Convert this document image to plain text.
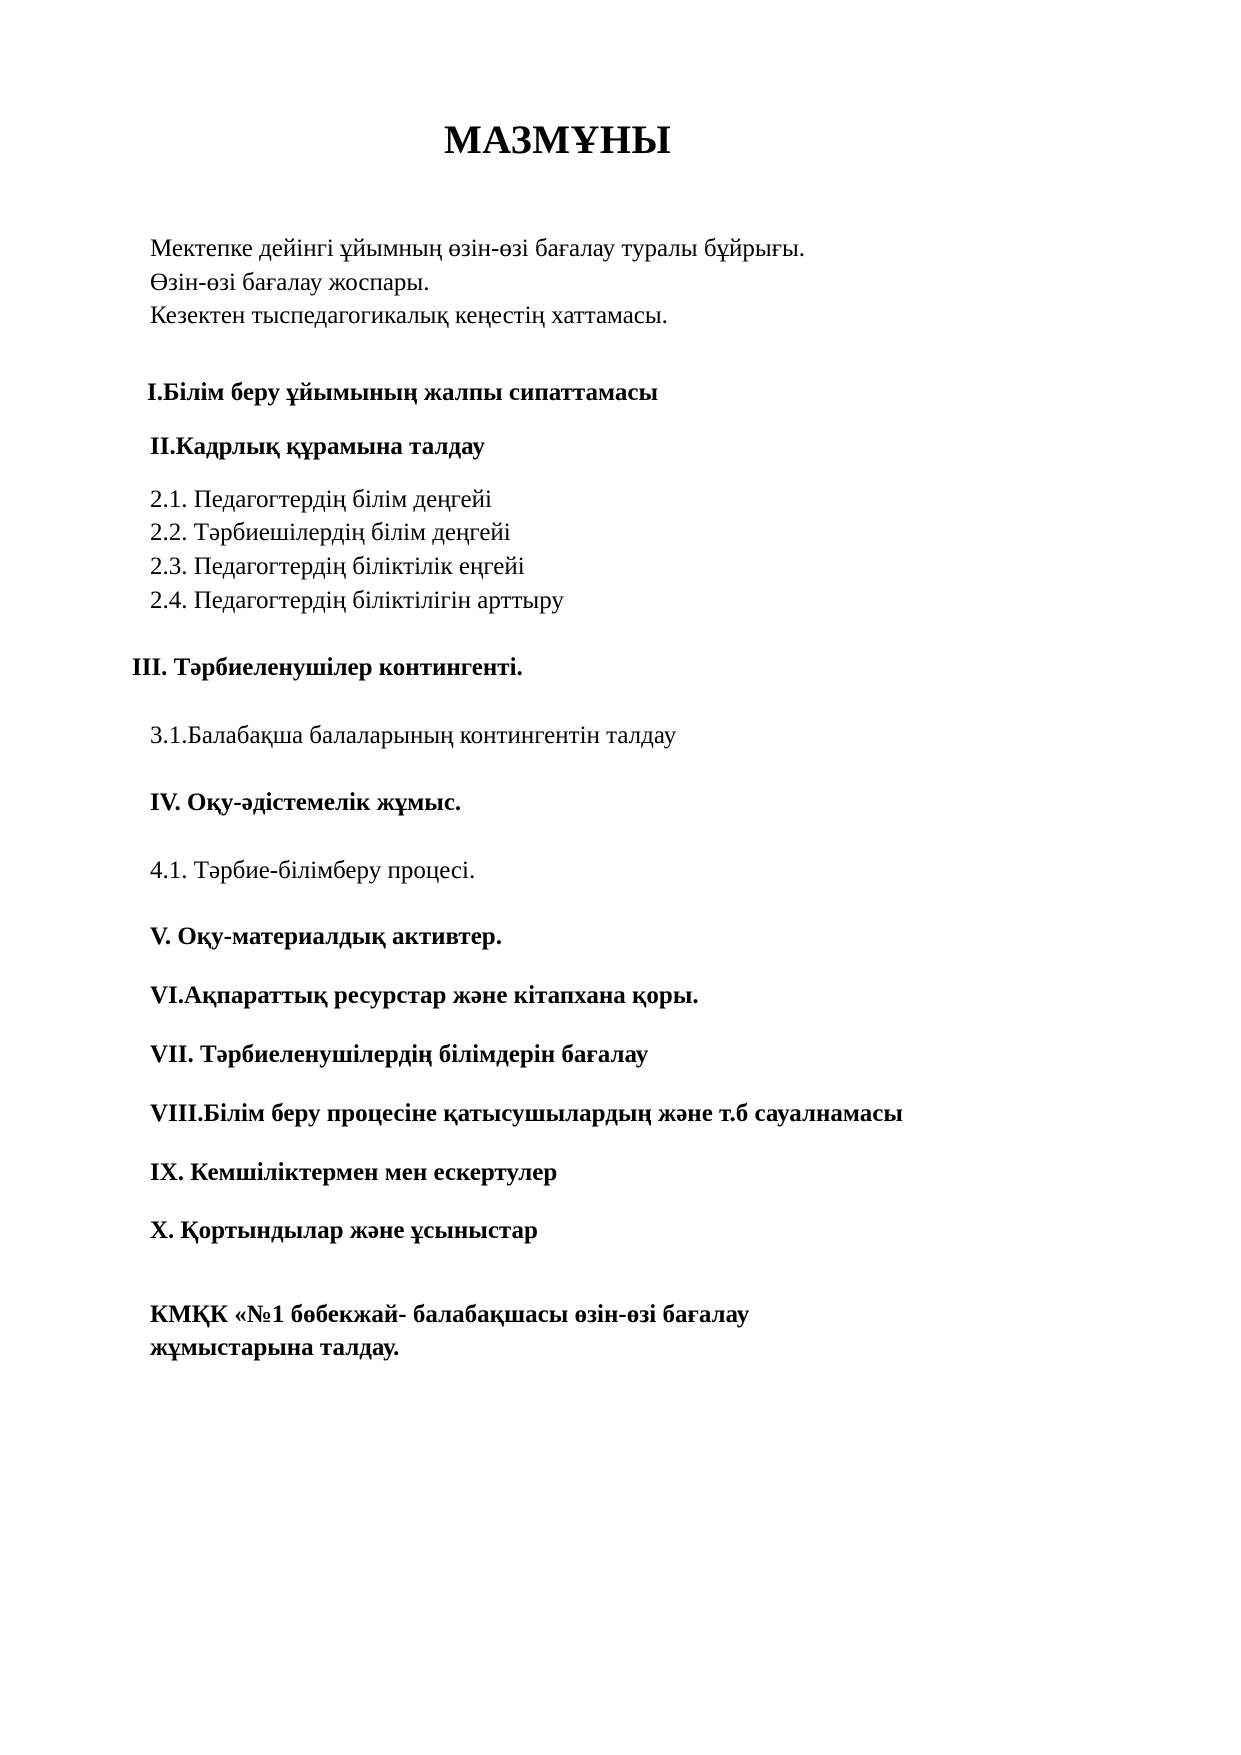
МАЗМҰНЫ
Мектепке дейінгі ұйымның өзін-өзі бағалау туралы бұйрығы.
Өзін-өзі бағалау жоспары.
Кезектен тыспедагогикалық кеңестің хаттамасы.
I.Білім беру ұйымының жалпы сипаттамасы
II.Кадрлық құрамына талдау
2.1. Педагогтердің білім деңгейі
2.2. Тәрбиешілердің білім деңгейі
2.3. Педагогтердің біліктілік еңгейі
2.4. Педагогтердің біліктілігін арттыру
III. Тәрбиеленушілер контингенті.
3.1.Балабақша балаларының контингентін талдау
IV. Оқу-әдістемелік жұмыс.
4.1. Тәрбие-білімберу процесі.
V. Оқу-материалдық активтер.
VI.Ақпараттық ресурстар және кітапхана қоры.
VII. Тәрбиеленушілердің білімдерін бағалау
VIII.Білім беру процесіне қатысушылардың және т.б сауалнамасы
IX. Кемшіліктермен мен ескертулер
X. Қортындылар және ұсыныстар
КМҚК «№1 бөбекжай- балабақшасы өзін-өзі бағалау
жұмыстарына талдау.
